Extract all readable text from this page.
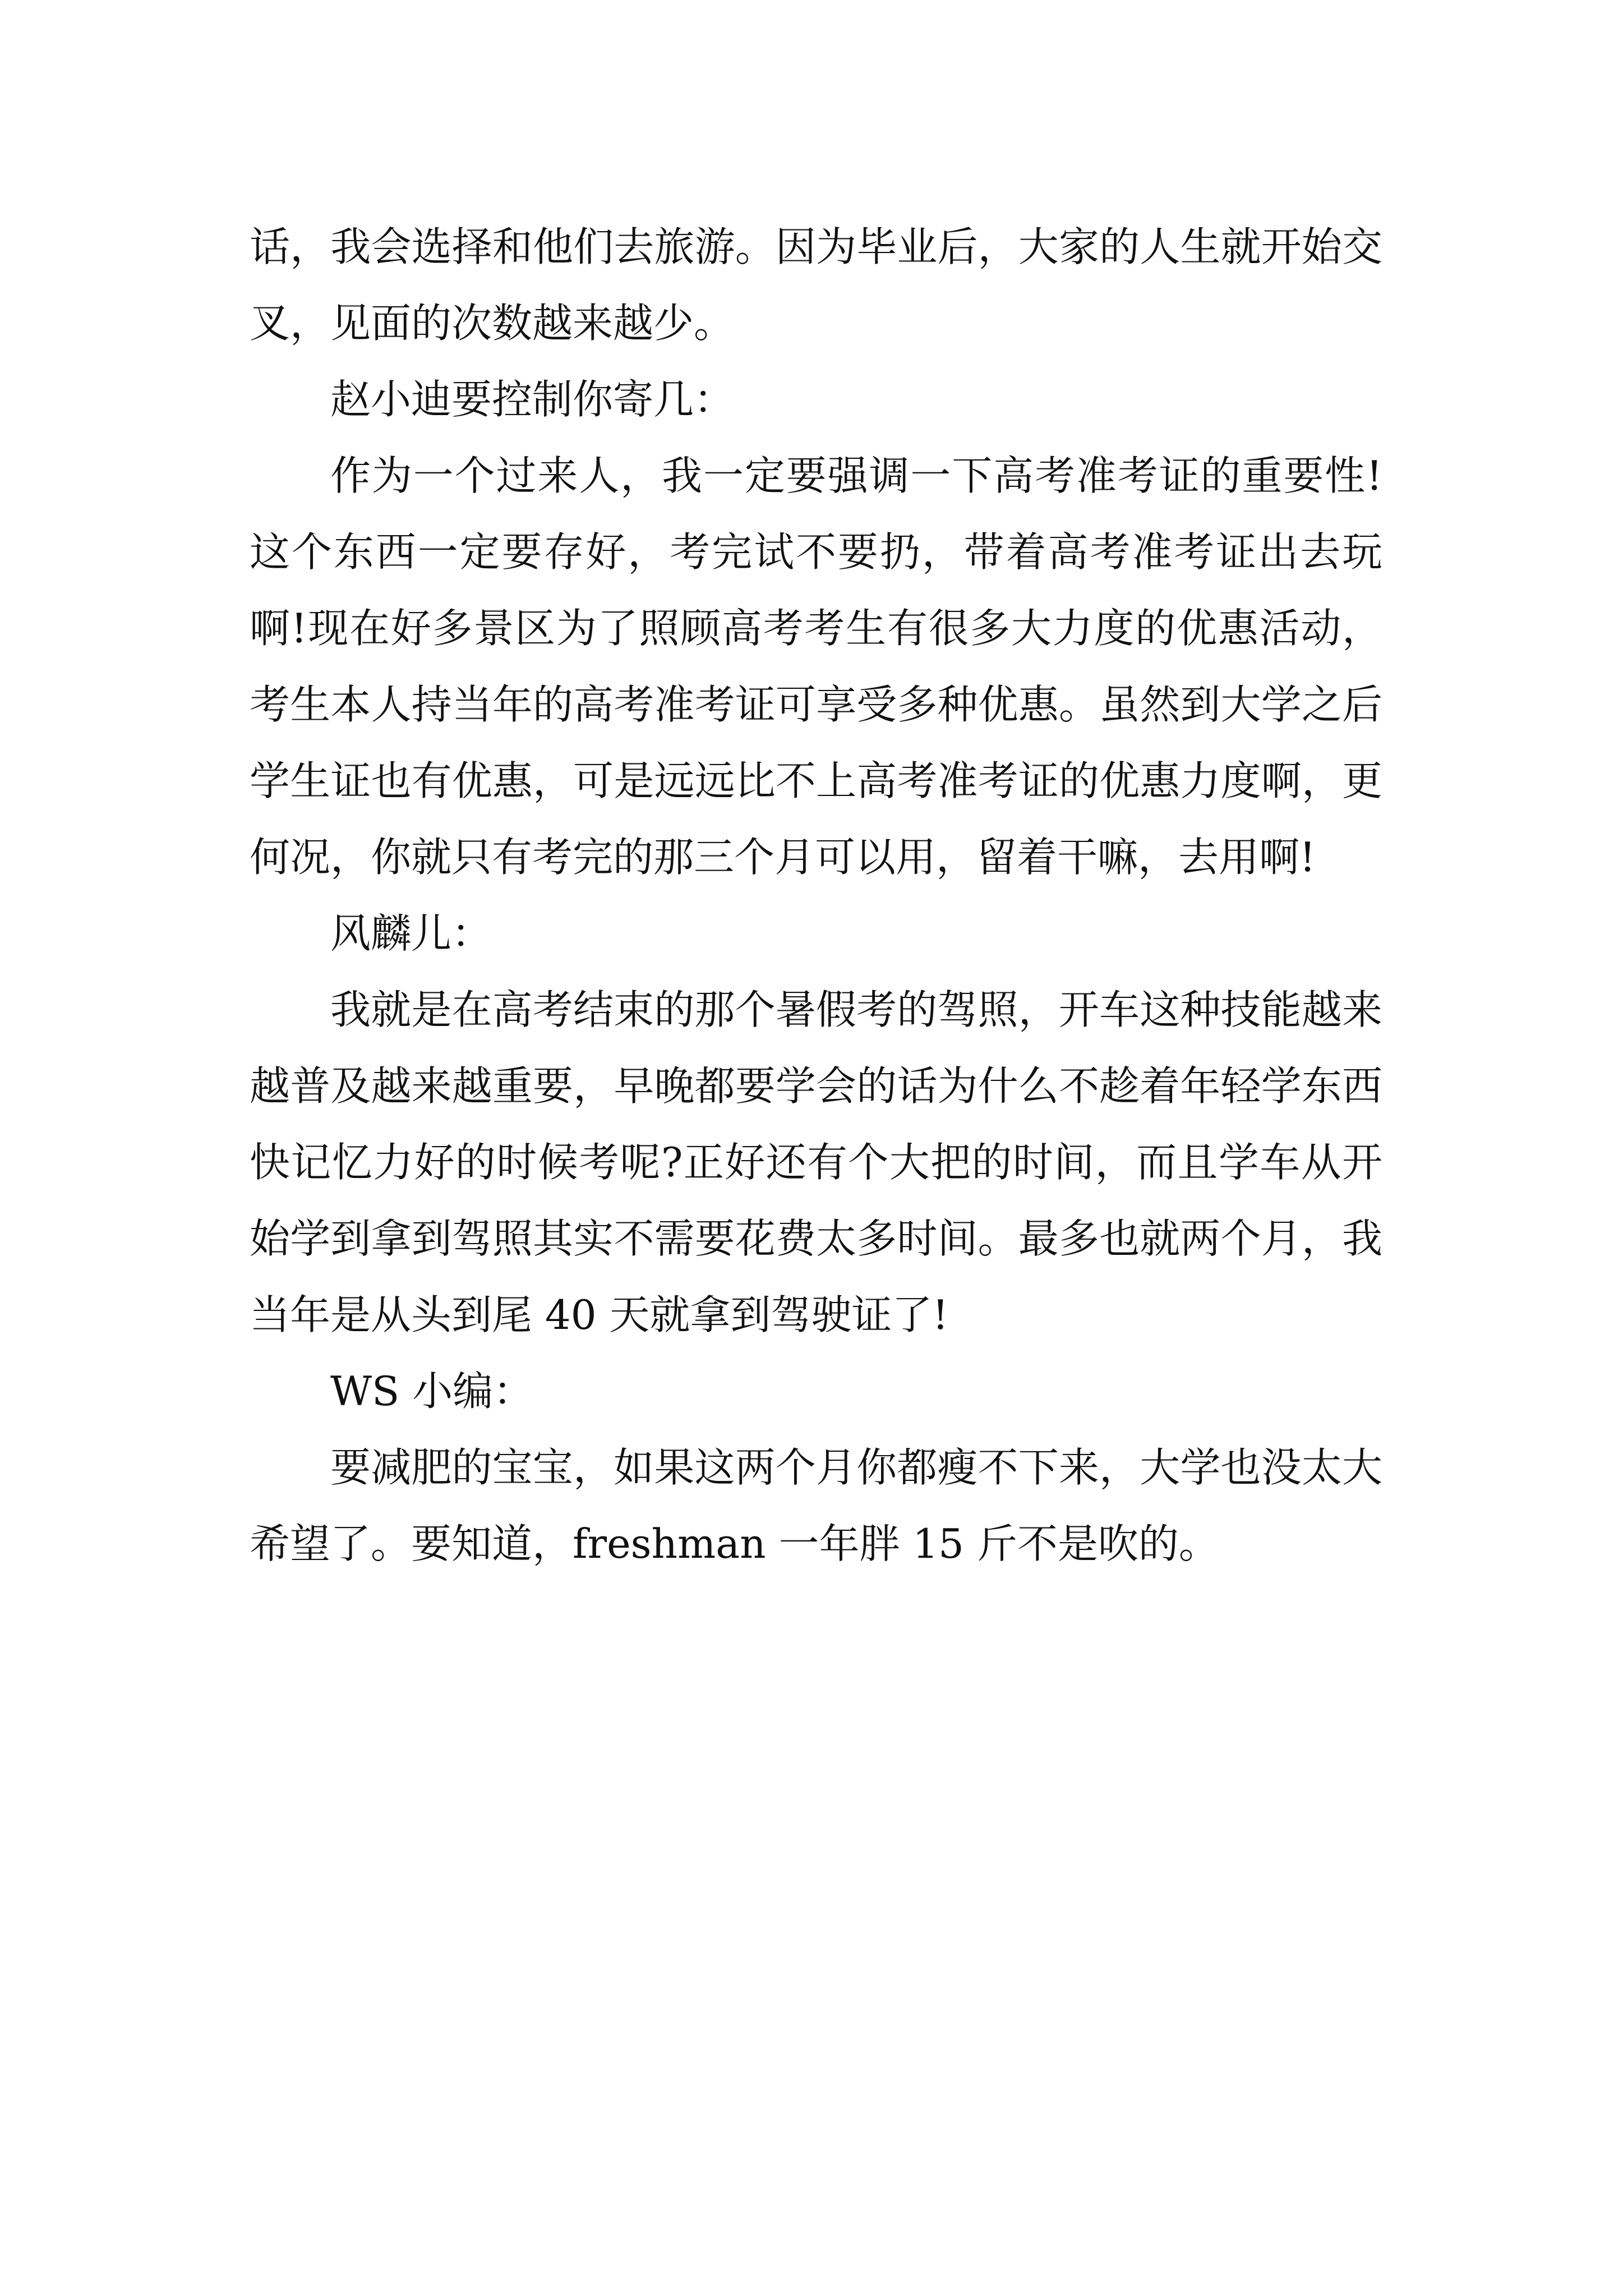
话，我会选择和他们去旅游。因为毕业后，大家的人生就开始交叉，见面的次数越来越少。

赵小迪要控制你寄几：

作为一个过来人，我一定要强调一下高考准考证的重要性!这个东西一定要存好，考完试不要扔，带着高考准考证出去玩啊!现在好多景区为了照顾高考考生有很多大力度的优惠活动，考生本人持当年的高考准考证可享受多种优惠。虽然到大学之后学生证也有优惠，可是远远比不上高考准考证的优惠力度啊，更何况，你就只有考完的那三个月可以用，留着干嘛，去用啊!

风麟儿：

我就是在高考结束的那个暑假考的驾照，开车这种技能越来越普及越来越重要，早晚都要学会的话为什么不趁着年轻学东西快记忆力好的时候考呢?正好还有个大把的时间，而且学车从开始学到拿到驾照其实不需要花费太多时间。最多也就两个月，我当年是从头到尾 40 天就拿到驾驶证了!

WS 小编：

要减肥的宝宝，如果这两个月你都瘦不下来，大学也没太大希望了。要知道，freshman 一年胖 15 斤不是吹的。
